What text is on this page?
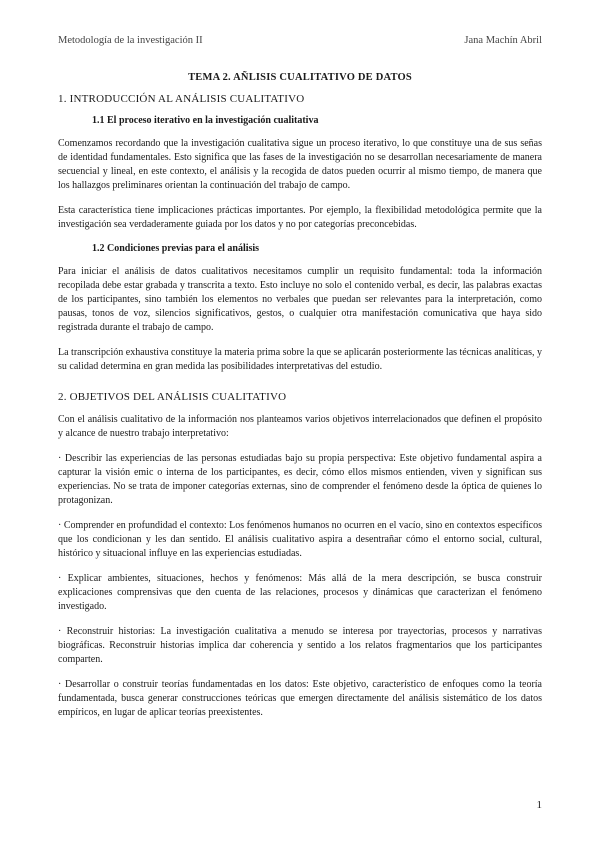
Metodología de la investigación II	Jana Machín Abril
TEMA 2. AÑLISIS CUALITATIVO DE DATOS
1. INTRODUCCIÓN AL ANÁLISIS CUALITATIVO
1.1 El proceso iterativo en la investigación cualitativa

Comenzamos recordando que la investigación cualitativa sigue un proceso iterativo, lo que constituye una de sus señas de identidad fundamentales. Esto significa que las fases de la investigación no se desarrollan necesariamente de manera secuencial y lineal, en este contexto, el análisis y la recogida de datos pueden ocurrir al mismo tiempo, de manera que los hallazgos preliminares orientan la continuación del trabajo de campo.

Esta característica tiene implicaciones prácticas importantes. Por ejemplo, la flexibilidad metodológica permite que la investigación sea verdaderamente guiada por los datos y no por categorías preconcebidas.

1.2 Condiciones previas para el análisis

Para iniciar el análisis de datos cualitativos necesitamos cumplir un requisito fundamental: toda la información recopilada debe estar grabada y transcrita a texto. Esto incluye no solo el contenido verbal, es decir, las palabras exactas de los participantes, sino también los elementos no verbales que puedan ser relevantes para la interpretación, como pausas, tonos de voz, silencios significativos, gestos, o cualquier otra manifestación comunicativa que haya sido registrada durante el trabajo de campo.

La transcripción exhaustiva constituye la materia prima sobre la que se aplicarán posteriormente las técnicas analíticas, y su calidad determina en gran medida las posibilidades interpretativas del estudio.

2. OBJETIVOS DEL ANÁLISIS CUALITATIVO

Con el análisis cualitativo de la información nos planteamos varios objetivos interrelacionados que definen el propósito y alcance de nuestro trabajo interpretativo:

· Describir las experiencias de las personas estudiadas bajo su propia perspectiva: Este objetivo fundamental aspira a capturar la visión emic o interna de los participantes, es decir, cómo ellos mismos entienden, viven y significan sus experiencias. No se trata de imponer categorías externas, sino de comprender el fenómeno desde la óptica de quienes lo protagonizan.

· Comprender en profundidad el contexto: Los fenómenos humanos no ocurren en el vacío, sino en contextos específicos que los condicionan y les dan sentido. El análisis cualitativo aspira a desentrañar cómo el entorno social, cultural, histórico y situacional influye en las experiencias estudiadas.

· Explicar ambientes, situaciones, hechos y fenómenos: Más allá de la mera descripción, se busca construir explicaciones comprensivas que den cuenta de las relaciones, procesos y dinámicas que caracterizan el fenómeno investigado.

· Reconstruir historias: La investigación cualitativa a menudo se interesa por trayectorias, procesos y narrativas biográficas. Reconstruir historias implica dar coherencia y sentido a los relatos fragmentarios que los participantes comparten.

· Desarrollar o construir teorías fundamentadas en los datos: Este objetivo, característico de enfoques como la teoría fundamentada, busca generar construcciones teóricas que emergen directamente del análisis sistemático de los datos empíricos, en lugar de aplicar teorías preexistentes.

1
